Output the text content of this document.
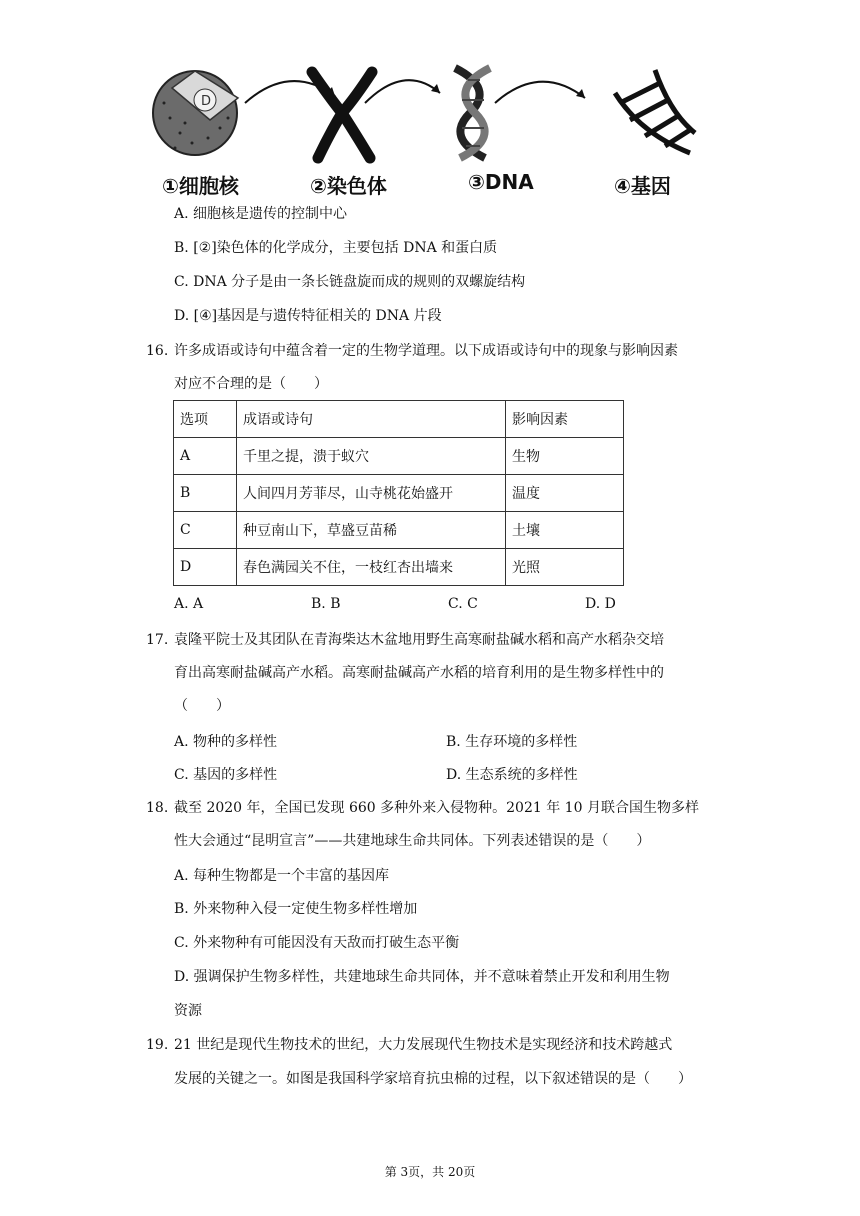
D
①细胞核	②染色体	③DNA	④基因
A. 细胞核是遗传的控制中心
B. [②]染色体的化学成分，主要包括 DNA 和蛋白质
C. DNA 分子是由一条长链盘旋而成的规则的双螺旋结构
D. [④]基因是与遗传特征相关的 DNA 片段
16. 许多成语或诗句中蕴含着一定的生物学道理。以下成语或诗句中的现象与影响因素
对应不合理的是（　　）
选项	成语或诗句	影响因素
A	千里之提，溃于蚁穴	生物
B	人间四月芳菲尽，山寺桃花始盛开	温度
C	种豆南山下，草盛豆苗稀	土壤
D	春色满园关不住，一枝红杏出墙来	光照
A. A	B. B	C. C	D. D
17. 袁隆平院士及其团队在青海柴达木盆地用野生高寒耐盐碱水稻和高产水稻杂交培
育出高寒耐盐碱高产水稻。高寒耐盐碱高产水稻的培育利用的是生物多样性中的
（　　）
A. 物种的多样性	B. 生存环境的多样性
C. 基因的多样性	D. 生态系统的多样性
18. 截至 2020 年，全国已发现 660 多种外来入侵物种。2021 年 10 月联合国生物多样
性大会通过“昆明宣言”——共建地球生命共同体。下列表述错误的是（　　）
A. 每种生物都是一个丰富的基因库
B. 外来物种入侵一定使生物多样性增加
C. 外来物种有可能因没有天敌而打破生态平衡
D. 强调保护生物多样性，共建地球生命共同体，并不意味着禁止开发和利用生物
资源
19. 21 世纪是现代生物技术的世纪，大力发展现代生物技术是实现经济和技术跨越式
发展的关键之一。如图是我国科学家培育抗虫棉的过程，以下叙述错误的是（　　）
第 3页，共 20页
